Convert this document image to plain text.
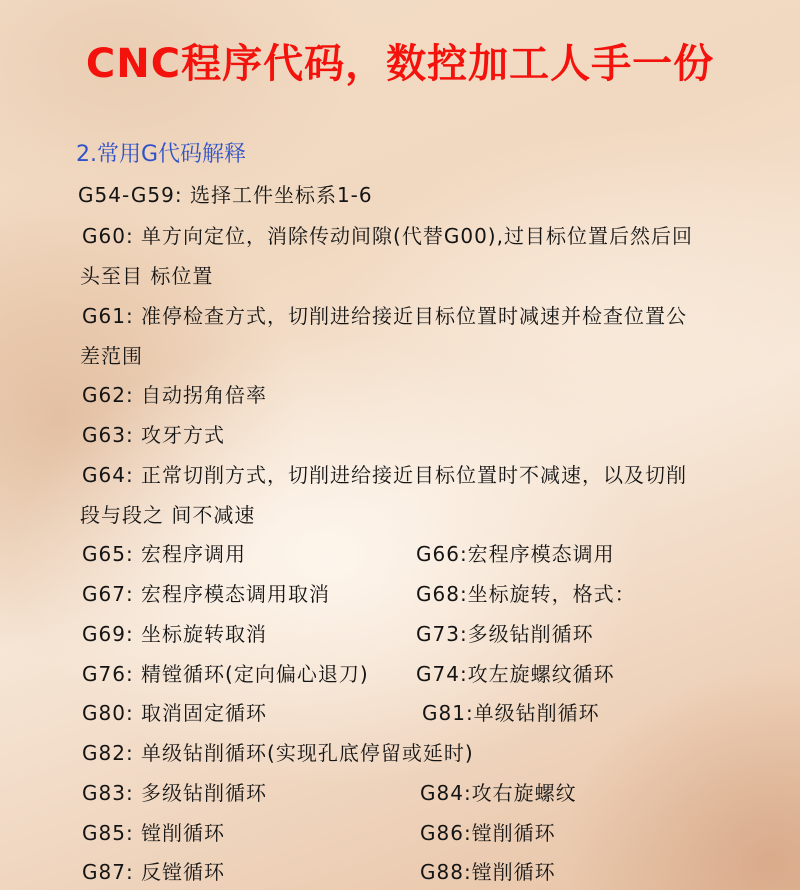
CNC程序代码，数控加工人手一份
2.常用G代码解释
G54-G59: 选择工件坐标系1-6
G60: 单方向定位，消除传动间隙(代替G00),过目标位置后然后回
头至目 标位置
G61: 准停检查方式，切削进给接近目标位置时减速并检查位置公
差范围
G62: 自动拐角倍率
G63: 攻牙方式
G64: 正常切削方式，切削进给接近目标位置时不减速，以及切削
段与段之 间不减速
G65: 宏程序调用	G66:宏程序模态调用
G67: 宏程序模态调用取消	G68:坐标旋转，格式：
G69: 坐标旋转取消	G73:多级钻削循环
G76: 精镗循环(定向偏心退刀) G74:攻左旋螺纹循环
G80: 取消固定循环	G81:单级钻削循环
G82: 单级钻削循环(实现孔底停留或延时)
G83: 多级钻削循环	G84:攻右旋螺纹
G85: 镗削循环	G86:镗削循环
G87: 反镗循环	G88:镗削循环
